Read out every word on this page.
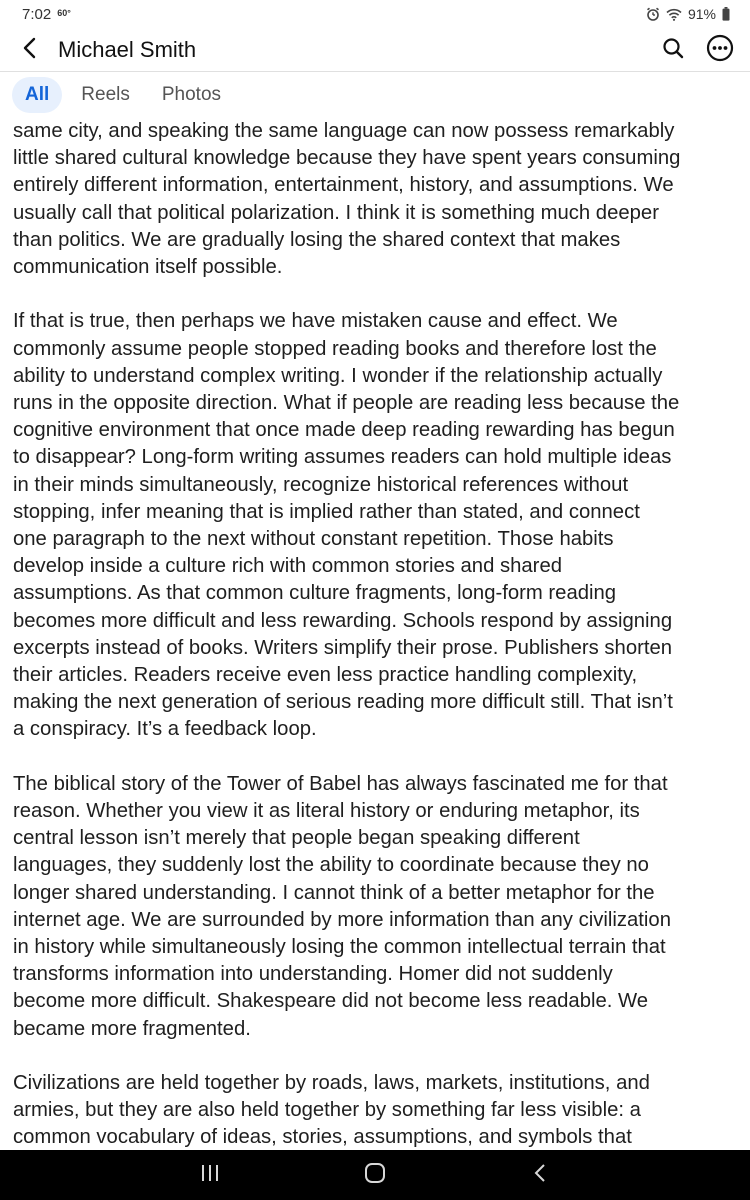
7:02 60°	91%
Michael Smith
All	Reels	Photos

same city, and speaking the same language can now possess remarkably
little shared cultural knowledge because they have spent years consuming
entirely different information, entertainment, history, and assumptions. We
usually call that political polarization. I think it is something much deeper
than politics. We are gradually losing the shared context that makes
communication itself possible.

If that is true, then perhaps we have mistaken cause and effect. We
commonly assume people stopped reading books and therefore lost the
ability to understand complex writing. I wonder if the relationship actually
runs in the opposite direction. What if people are reading less because the
cognitive environment that once made deep reading rewarding has begun
to disappear? Long-form writing assumes readers can hold multiple ideas
in their minds simultaneously, recognize historical references without
stopping, infer meaning that is implied rather than stated, and connect
one paragraph to the next without constant repetition. Those habits
develop inside a culture rich with common stories and shared
assumptions. As that common culture fragments, long-form reading
becomes more difficult and less rewarding. Schools respond by assigning
excerpts instead of books. Writers simplify their prose. Publishers shorten
their articles. Readers receive even less practice handling complexity,
making the next generation of serious reading more difficult still. That isn’t
a conspiracy. It’s a feedback loop.

The biblical story of the Tower of Babel has always fascinated me for that
reason. Whether you view it as literal history or enduring metaphor, its
central lesson isn’t merely that people began speaking different
languages, they suddenly lost the ability to coordinate because they no
longer shared understanding. I cannot think of a better metaphor for the
internet age. We are surrounded by more information than any civilization
in history while simultaneously losing the common intellectual terrain that
transforms information into understanding. Homer did not suddenly
become more difficult. Shakespeare did not become less readable. We
became more fragmented.

Civilizations are held together by roads, laws, markets, institutions, and
armies, but they are also held together by something far less visible: a
common vocabulary of ideas, stories, assumptions, and symbols that
